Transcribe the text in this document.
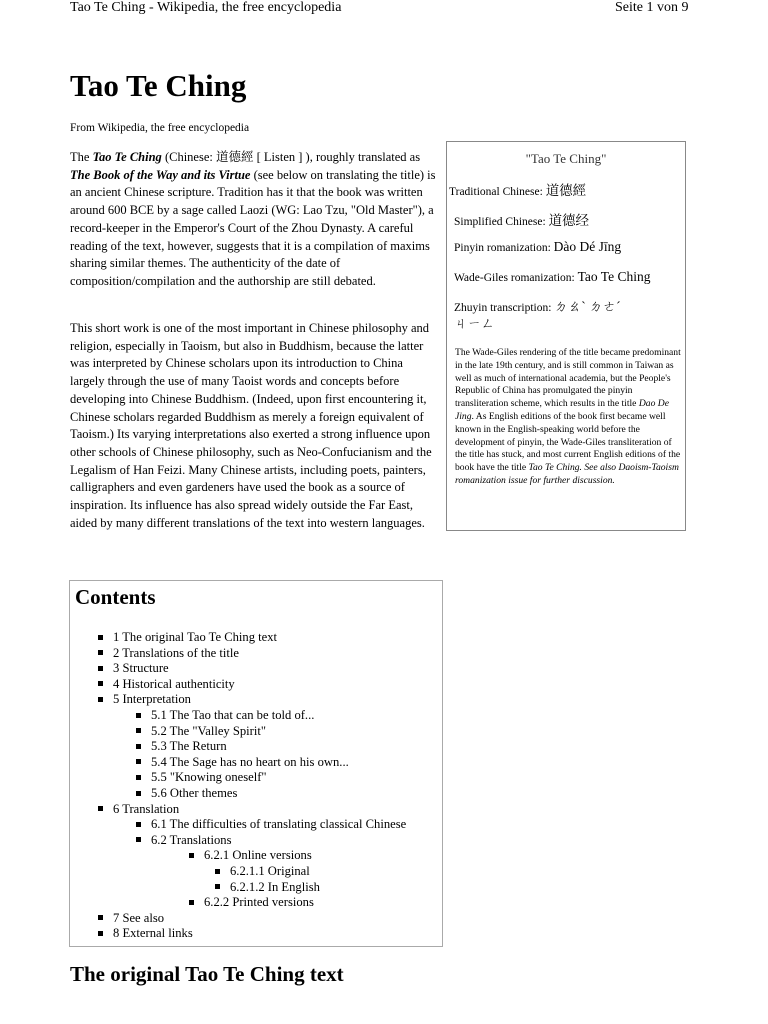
Tao Te Ching - Wikipedia, the free encyclopedia	Seite 1 von 9
Tao Te Ching
From Wikipedia, the free encyclopedia

The Tao Te Ching (Chinese: 道德經 [ Listen ] ), roughly translated as The Book of the Way and its Virtue (see below on translating the title) is an ancient Chinese scripture. Tradition has it that the book was written around 600 BCE by a sage called Laozi (WG: Lao Tzu, "Old Master"), a record-keeper in the Emperor's Court of the Zhou Dynasty. A careful reading of the text, however, suggests that it is a compilation of maxims sharing similar themes. The authenticity of the date of composition/compilation and the authorship are still debated.

This short work is one of the most important in Chinese philosophy and religion, especially in Taoism, but also in Buddhism, because the latter was interpreted by Chinese scholars upon its introduction to China largely through the use of many Taoist words and concepts before developing into Chinese Buddhism. (Indeed, upon first encountering it, Chinese scholars regarded Buddhism as merely a foreign equivalent of Taoism.) Its varying interpretations also exerted a strong influence upon other schools of Chinese philosophy, such as Neo-Confucianism and the Legalism of Han Feizi. Many Chinese artists, including poets, painters, calligraphers and even gardeners have used the book as a source of inspiration. Its influence has also spread widely outside the Far East, aided by many different translations of the text into western languages.

"Tao Te Ching"
Traditional Chinese: 道德經
Simplified Chinese: 道德经
Pinyin romanization: Dào Dé Jīng
Wade-Giles romanization: Tao Te Ching
Zhuyin transcription: ㄉㄠˋ ㄉㄜˊ
ㄐㄧㄥ
The Wade-Giles rendering of the title became predominant in the late 19th century, and is still common in Taiwan as well as much of international academia, but the People's Republic of China has promulgated the pinyin transliteration scheme, which results in the title Dao De Jing. As English editions of the book first became well known in the English-speaking world before the development of pinyin, the Wade-Giles transliteration of the title has stuck, and most current English editions of the book have the title Tao Te Ching. See also Daoism-Taoism romanization issue for further discussion.
Contents
1 The original Tao Te Ching text
2 Translations of the title
3 Structure
4 Historical authenticity
5 Interpretation
5.1 The Tao that can be told of...
5.2 The "Valley Spirit"
5.3 The Return
5.4 The Sage has no heart on his own...
5.5 "Knowing oneself"
5.6 Other themes
6 Translation
6.1 The difficulties of translating classical Chinese
6.2 Translations
6.2.1 Online versions
6.2.1.1 Original
6.2.1.2 In English
6.2.2 Printed versions
7 See also
8 External links
The original Tao Te Ching text
